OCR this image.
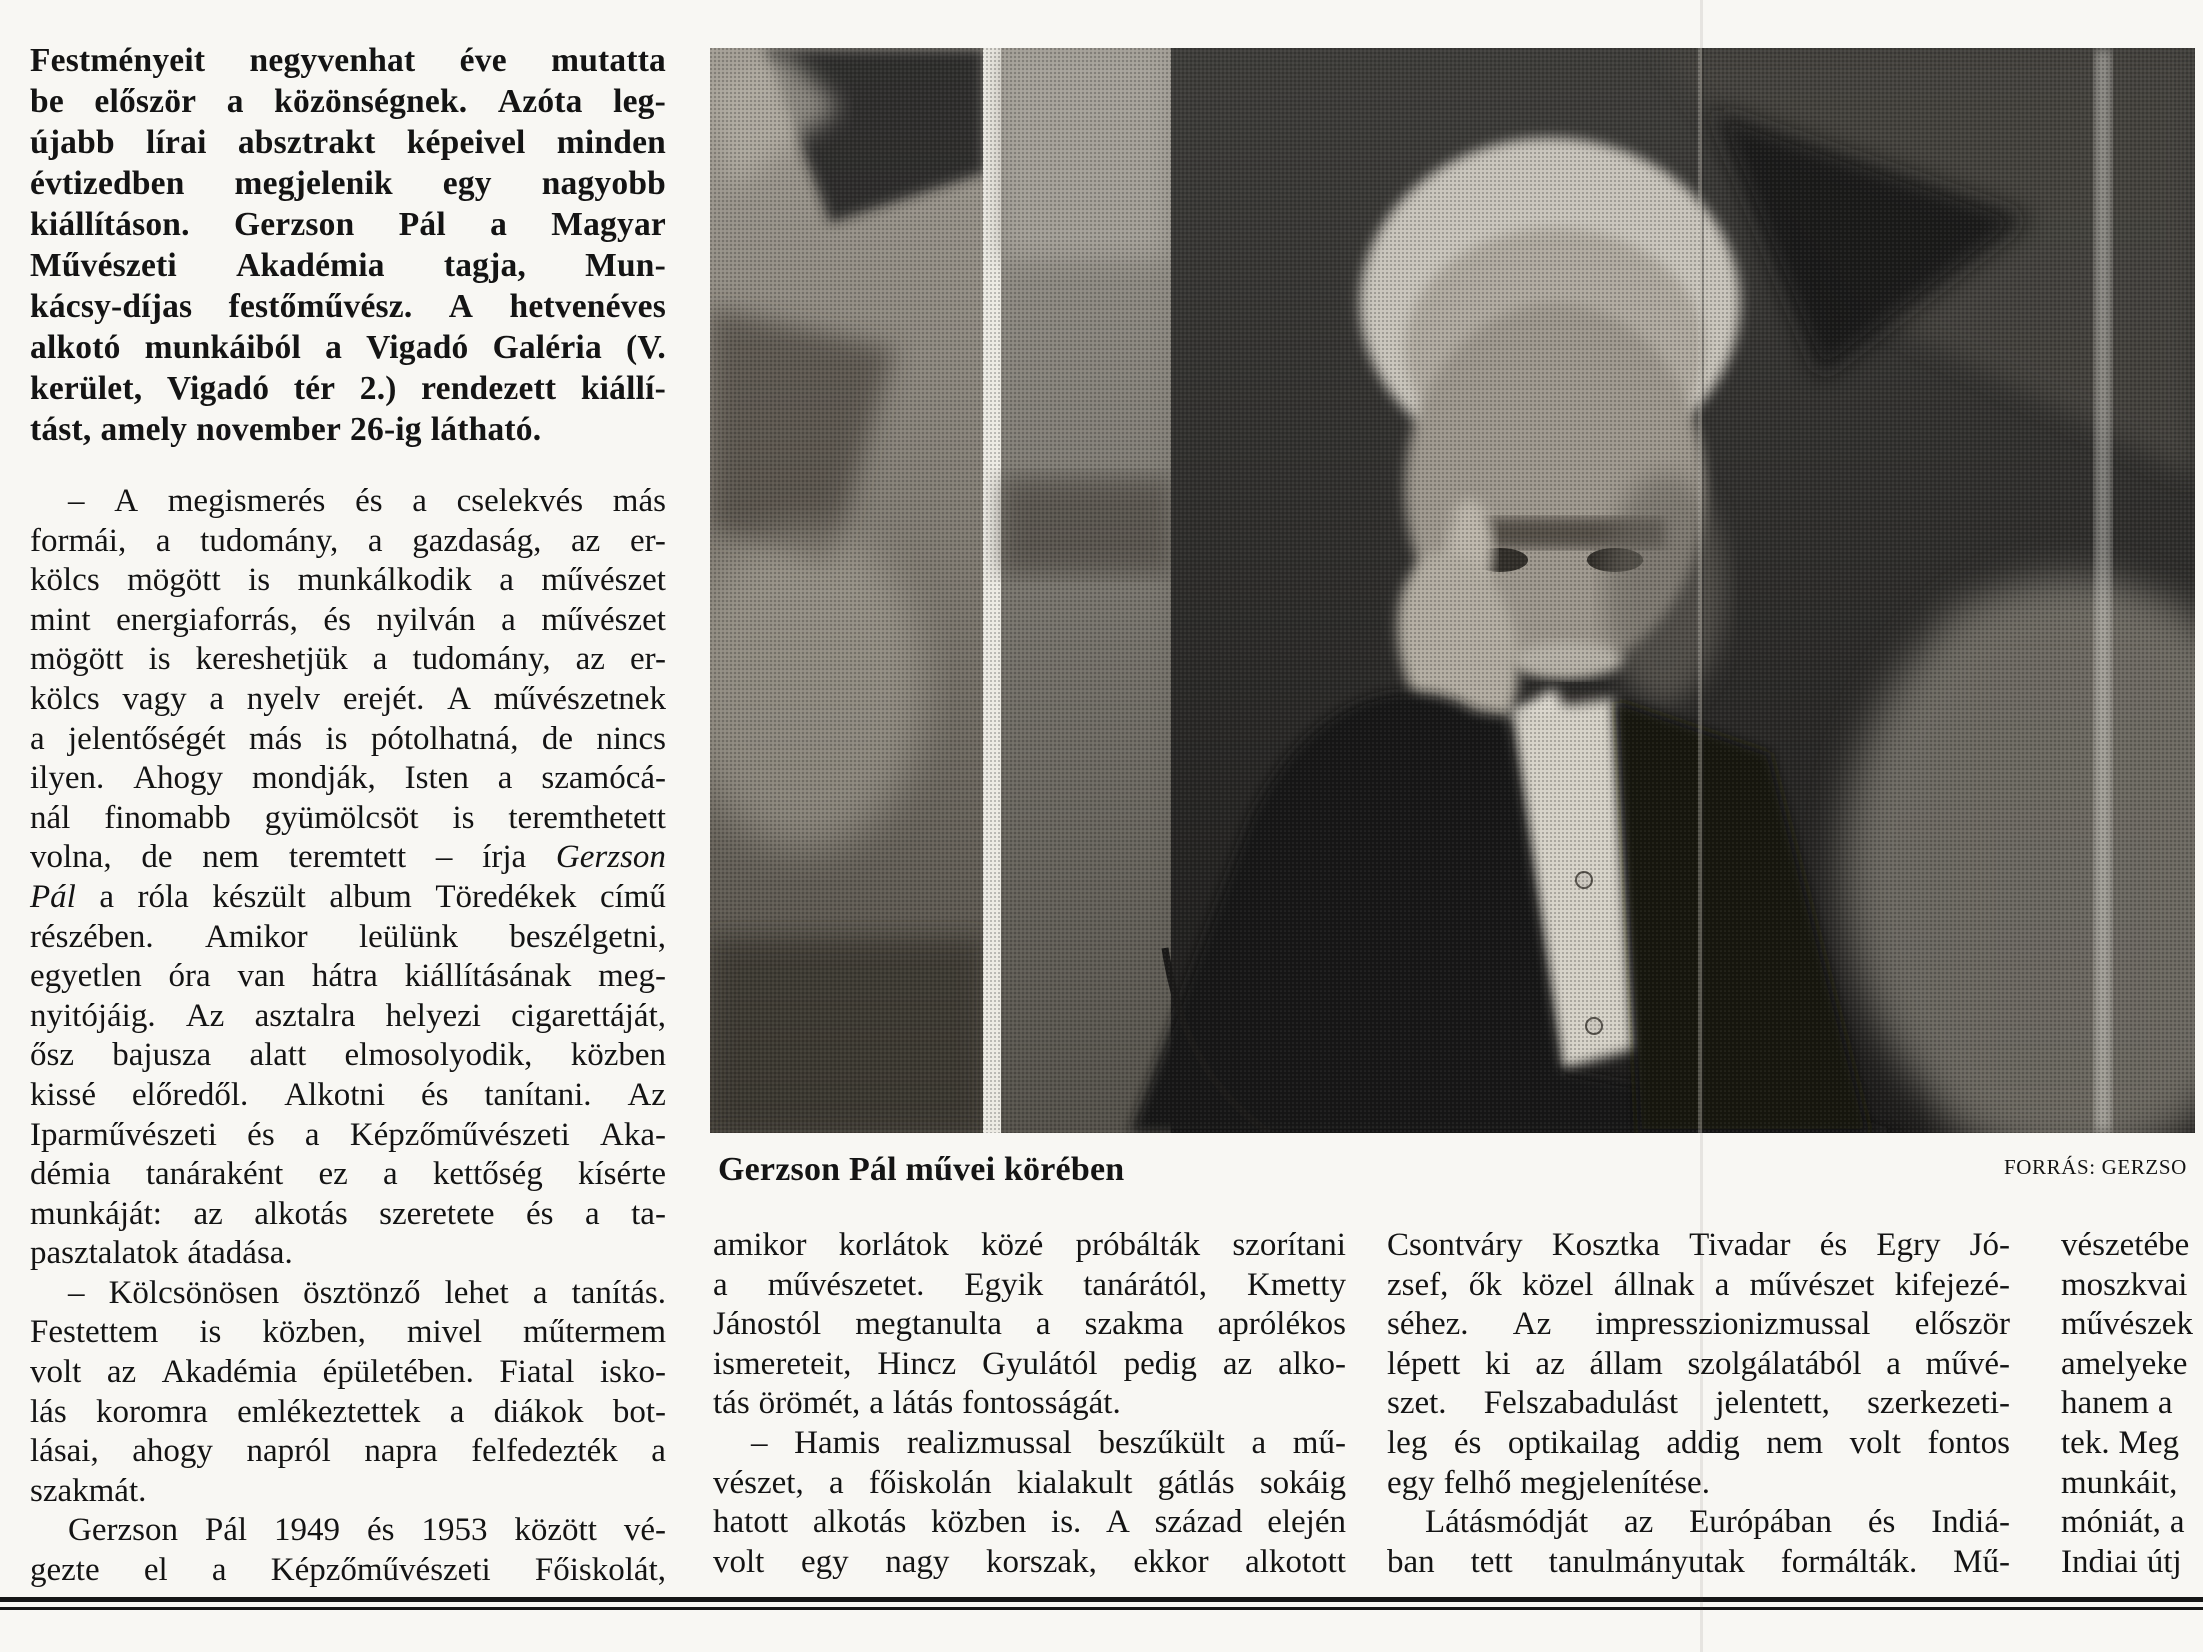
Festményeit negyvenhat éve mutatta
be először a közönségnek. Azóta leg-
újabb lírai absztrakt képeivel minden
évtizedben megjelenik egy nagyobb
kiállításon. Gerzson Pál a Magyar
Művészeti Akadémia tagja, Mun-
kácsy-díjas festőművész. A hetvenéves
alkotó munkáiból a Vigadó Galéria (V.
kerület, Vigadó tér 2.) rendezett kiállí-
tást, amely november 26-ig látható.
– A megismerés és a cselekvés más
formái, a tudomány, a gazdaság, az er-
kölcs mögött is munkálkodik a művészet
mint energiaforrás, és nyilván a művészet
mögött is kereshetjük a tudomány, az er-
kölcs vagy a nyelv erejét. A művészetnek
a jelentőségét más is pótolhatná, de nincs
ilyen. Ahogy mondják, Isten a szamócá-
nál finomabb gyümölcsöt is teremthetett
volna, de nem teremtett – írja Gerzson
Pál a róla készült album Töredékek című
részében. Amikor leülünk beszélgetni,
egyetlen óra van hátra kiállításának meg-
nyitójáig. Az asztalra helyezi cigarettáját,
ősz bajusza alatt elmosolyodik, közben
kissé előredől. Alkotni és tanítani. Az
Iparművészeti és a Képzőművészeti Aka-
démia tanáraként ez a kettőség kísérte
munkáját: az alkotás szeretete és a ta-
pasztalatok átadása.
– Kölcsönösen ösztönző lehet a tanítás.
Festettem is közben, mivel műtermem
volt az Akadémia épületében. Fiatal isko-
lás koromra emlékeztettek a diákok bot-
lásai, ahogy napról napra felfedezték a
szakmát.
Gerzson Pál 1949 és 1953 között vé-
gezte el a Képzőművészeti Főiskolát,
Gerzson Pál művei körében	FORRÁS: GERZSO
amikor korlátok közé próbálták szorítani
a művészetet. Egyik tanárától, Kmetty
Jánostól megtanulta a szakma aprólékos
ismereteit, Hincz Gyulától pedig az alko-
tás örömét, a látás fontosságát.
– Hamis realizmussal beszűkült a mű-
vészet, a főiskolán kialakult gátlás sokáig
hatott alkotás közben is. A század elején
volt egy nagy korszak, ekkor alkotott
Csontváry Kosztka Tivadar és Egry Jó-
zsef, ők közel állnak a művészet kifejezé-
séhez. Az impresszionizmussal először
lépett ki az állam szolgálatából a művé-
szet. Felszabadulást jelentett, szerkezeti-
leg és optikailag addig nem volt fontos
egy felhő megjelenítése.
Látásmódját az Európában és Indiá-
ban tett tanulmányutak formálták. Mű-
vészetébe
moszkvai
művészek
amelyeke
hanem a
tek. Meg
munkáit,
móniát, a
Indiai útj
